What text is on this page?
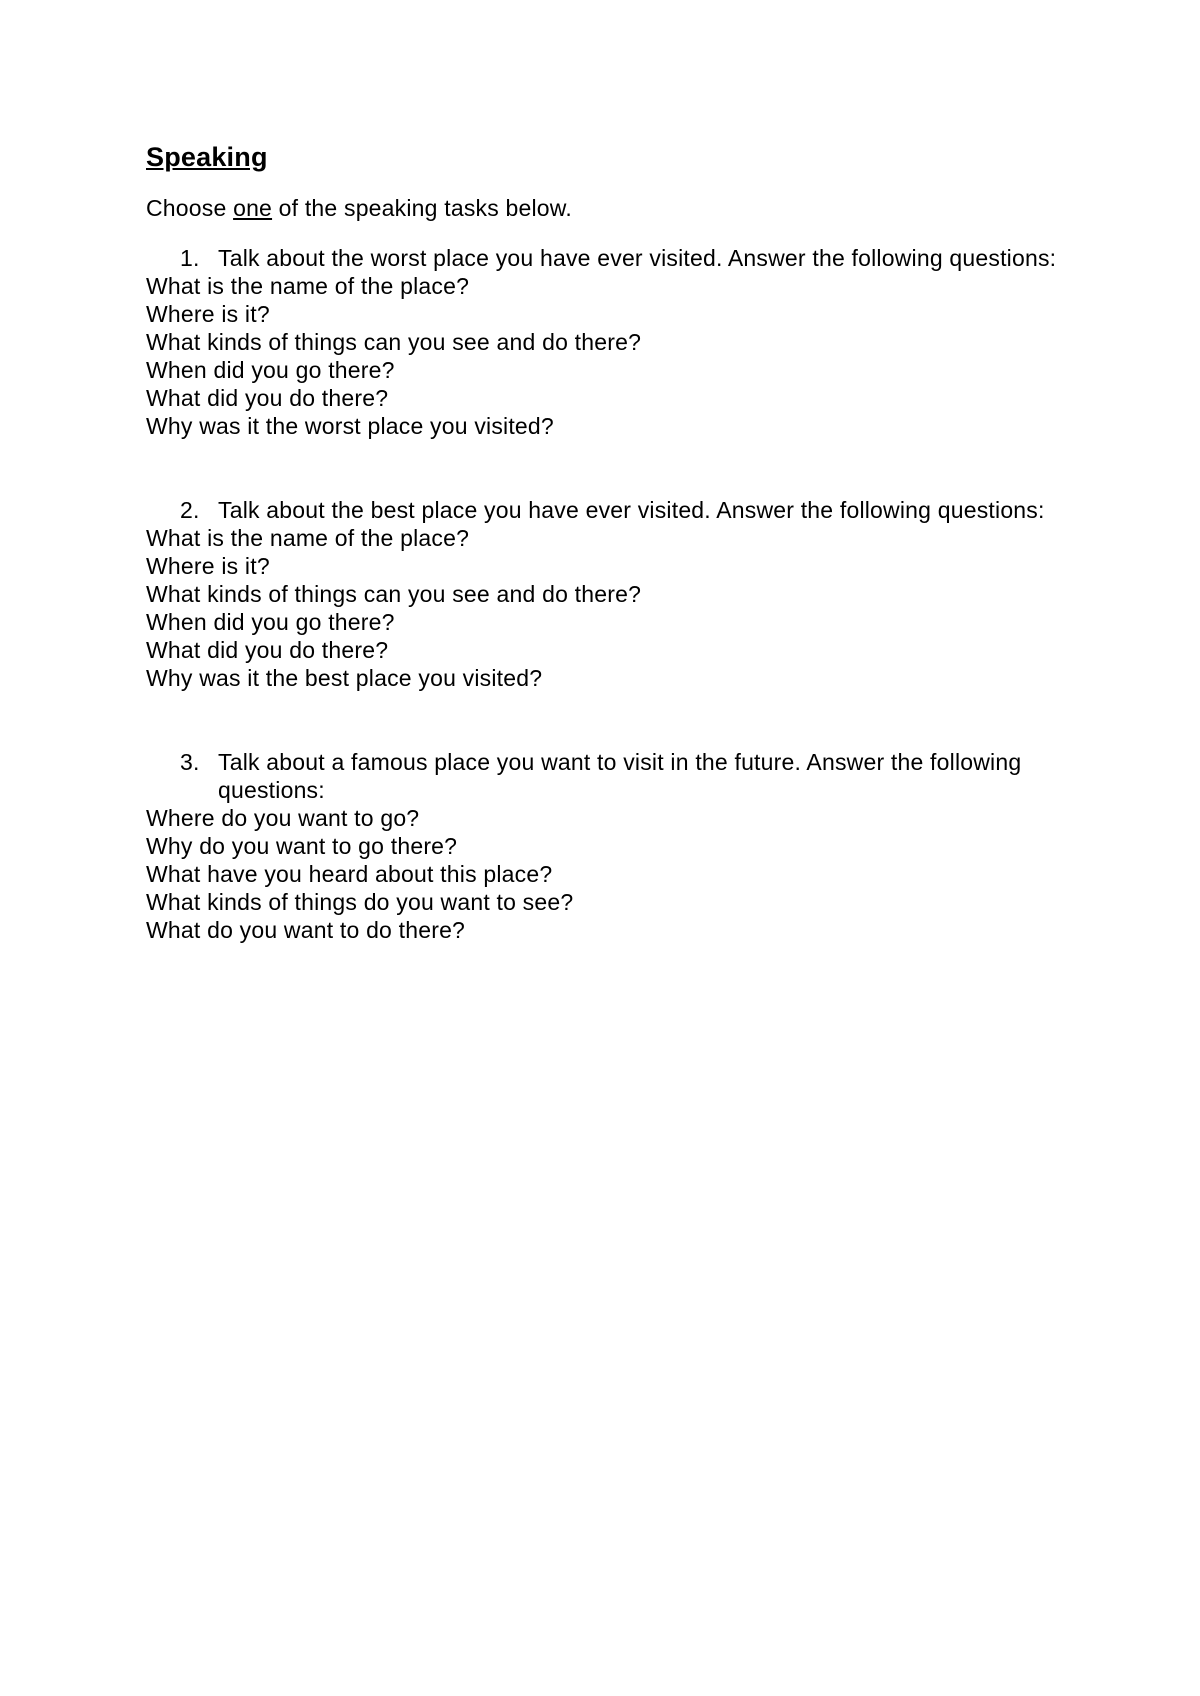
Speaking

Choose one of the speaking tasks below.

1. Talk about the worst place you have ever visited. Answer the following questions:
What is the name of the place?
Where is it?
What kinds of things can you see and do there?
When did you go there?
What did you do there?
Why was it the worst place you visited?
2. Talk about the best place you have ever visited. Answer the following questions:
What is the name of the place?
Where is it?
What kinds of things can you see and do there?
When did you go there?
What did you do there?
Why was it the best place you visited?
3. Talk about a famous place you want to visit in the future. Answer the following questions:
Where do you want to go?
Why do you want to go there?
What have you heard about this place?
What kinds of things do you want to see?
What do you want to do there?
